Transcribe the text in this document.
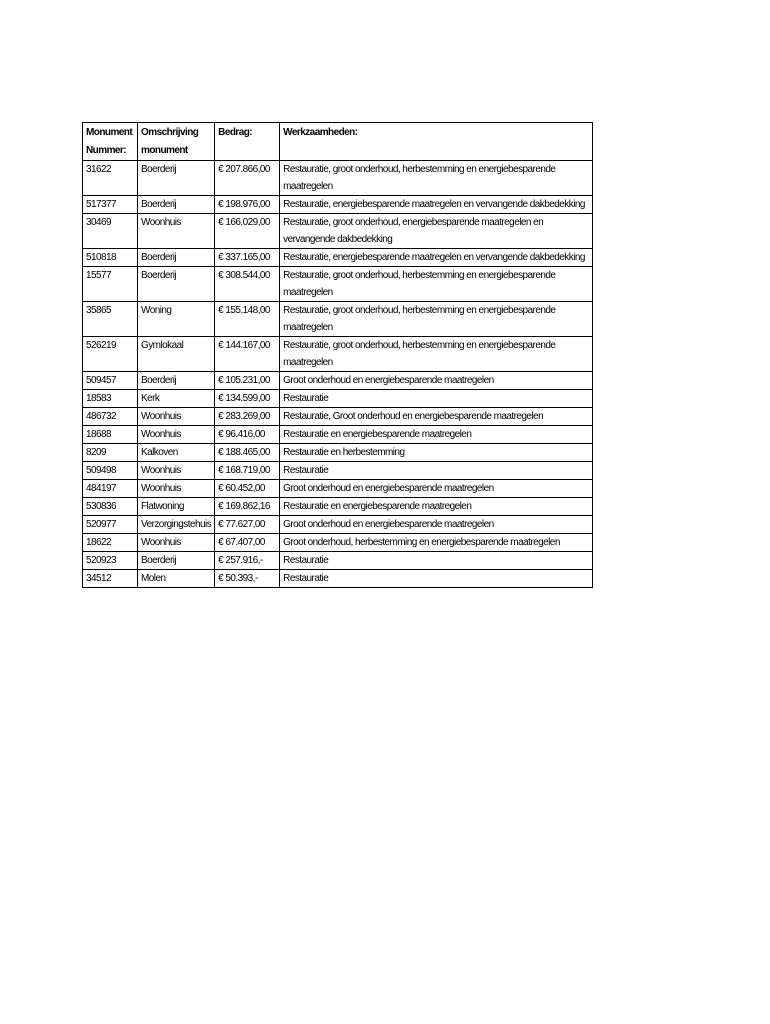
Monument Nummer:	Omschrijving monument	Bedrag:	Werkzaamheden:
31622	Boerderij	€ 207.866,00	Restauratie, groot onderhoud, herbestemming en energiebesparende maatregelen
517377	Boerderij	€ 198.976,00	Restauratie, energiebesparende maatregelen en vervangende dakbedekking
30469	Woonhuis	€ 166.029,00	Restauratie, groot onderhoud, energiebesparende maatregelen en vervangende dakbedekking
510818	Boerderij	€ 337.165,00	Restauratie, energiebesparende maatregelen en vervangende dakbedekking
15577	Boerderij	€ 308.544,00	Restauratie, groot onderhoud, herbestemming en energiebesparende maatregelen
35865	Woning	€ 155.148,00	Restauratie, groot onderhoud, herbestemming en energiebesparende maatregelen
526219	Gymlokaal	€ 144.167,00	Restauratie, groot onderhoud, herbestemming en energiebesparende maatregelen
509457	Boerderij	€ 105.231,00	Groot onderhoud en energiebesparende maatregelen
18583	Kerk	€ 134.599,00	Restauratie
486732	Woonhuis	€ 283.269,00	Restauratie, Groot onderhoud en energiebesparende maatregelen
18688	Woonhuis	€ 96.416,00	Restauratie en energiebesparende maatregelen
8209	Kalkoven	€ 188.465,00	Restauratie en herbestemming
509498	Woonhuis	€ 168.719,00	Restauratie
484197	Woonhuis	€ 60.452,00	Groot onderhoud en energiebesparende maatregelen
530836	Flatwoning	€ 169.862,16	Restauratie en energiebesparende maatregelen
520977	Verzorgingstehuis	€ 77.627,00	Groot onderhoud en energiebesparende maatregelen
18622	Woonhuis	€ 67.407,00	Groot onderhoud, herbestemming en energiebesparende maatregelen
520923	Boerderij	€ 257.916,-	Restauratie
34512	Molen	€ 50.393,-	Restauratie
